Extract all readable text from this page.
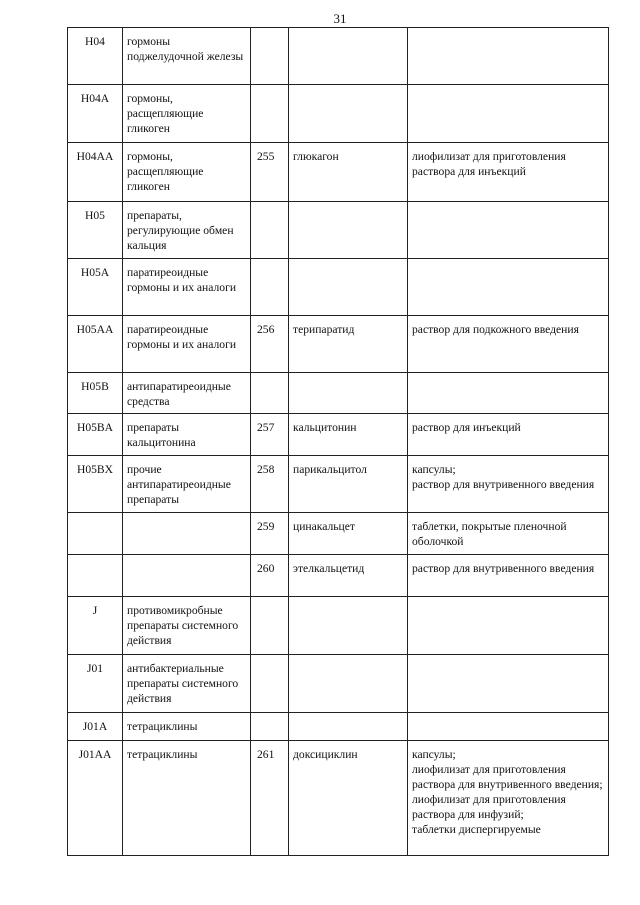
31
H04	гормоны поджелудочной железы			
H04A	гормоны, расщепляющие гликоген			
H04AA	гормоны, расщепляющие гликоген	255	глюкагон	лиофилизат для приготовления раствора для инъекций
H05	препараты, регулирующие обмен кальция			
H05A	паратиреоидные гормоны и их аналоги			
H05AA	паратиреоидные гормоны и их аналоги	256	терипаратид	раствор для подкожного введения
H05B	антипаратиреоидные средства			
H05BA	препараты кальцитонина	257	кальцитонин	раствор для инъекций
H05BX	прочие антипаратиреоидные препараты	258	парикальцитол	капсулы;
раствор для внутривенного введения
		259	цинакальцет	таблетки, покрытые пленочной оболочкой
		260	этелкальцетид	раствор для внутривенного введения
J	противомикробные препараты системного действия			
J01	антибактериальные препараты системного действия			
J01A	тетрациклины			
J01AA	тетрациклины	261	доксициклин	капсулы;
лиофилизат для приготовления раствора для внутривенного введения;
лиофилизат для приготовления раствора для инфузий;
таблетки диспергируемые
